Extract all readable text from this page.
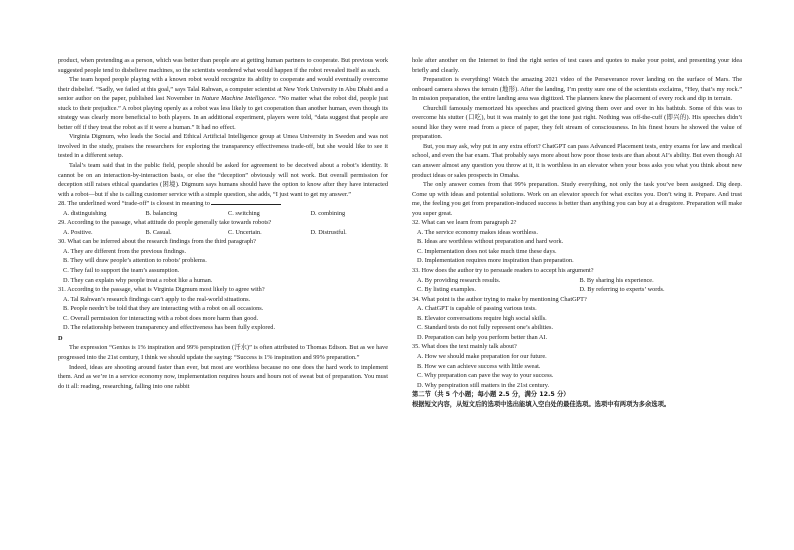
product, when pretending as a person, which was better than people are at getting human partners to cooperate. But previous work suggested people tend to disbelieve machines, so the scientists wondered what would happen if the robot revealed itself as such.

The team hoped people playing with a known robot would recognize its ability to cooperate and would eventually overcome their disbelief. “Sadly, we failed at this goal,” says Talal Rahwan, a computer scientist at New York University in Abu Dhabi and a senior author on the paper, published last November in Nature Machine Intelligence. “No matter what the robot did, people just stuck to their prejudice.” A robot playing openly as a robot was less likely to get cooperation than another human, even though its strategy was clearly more beneficial to both players. In an additional experiment, players were told, “data suggest that people are better off if they treat the robot as if it were a human.” It had no effect.

Virginia Digmum, who leads the Social and Ethical Artificial Intelligence group at Umea University in Sweden and was not involved in the study, praises the researchers for exploring the transparency effectiveness trade-off, but she would like to see it tested in a different setup.

Talal’s team said that in the public field, people should be asked for agreement to be deceived about a robot’s identity. It cannot be on an interaction-by-interaction basis, or else the “deception” obviously will not work. But overall permission for deception still raises ethical quandaries (困境). Digmum says humans should have the option to know after they have interacted with a robot—but if she is calling customer service with a simple question, she adds, “I just want to get my answer.”

28. The underlined word “trade-off” is closest in meaning to

A. distinguishing	B. balancing	C. switching	D. combining

29. According to the passage, what attitude do people generally take towards robots?

A. Positive.	B. Casual.	C. Uncertain.	D. Distrustful.

30. What can be inferred about the research findings from the third paragraph?

A. They are different from the previous findings.

B. They will draw people’s attention to robots’ problems.

C. They fail to support the team’s assumption.

D. They can explain why people treat a robot like a human.

31. According to the passage, what is Virginia Digmum most likely to agree with?

A. Tal Rahwan’s research findings can’t apply to the real-world situations.

B. People needn’t be told that they are interacting with a robot on all occasions.

C. Overall permission for interacting with a robot does more harm than good.

D. The relationship between transparency and effectiveness has been fully explored.

D

The expression “Genius is 1% inspiration and 99% perspiration (汗水)” is often attributed to Thomas Edison. But as we have progressed into the 21st century, I think we should update the saying: “Success is 1% inspiration and 99% preparation.”

Indeed, ideas are shooting around faster than ever, but most are worthless because no one does the hard work to implement them. And as we’re in a service economy now, implementation requires hours and hours not of sweat but of preparation. You must do it all: reading, researching, falling into one rabbit

hole after another on the Internet to find the right series of test cases and quotes to make your point, and presenting your idea briefly and clearly.

Preparation is everything! Watch the amazing 2021 video of the Perseverance rover landing on the surface of Mars. The onboard camera shows the terrain (地形). After the landing, I’m pretty sure one of the scientists exclaims, “Hey, that’s my rock.” In mission preparation, the entire landing area was digitized. The planners knew the placement of every rock and dip in terrain.

Churchill famously memorized his speeches and practiced giving them over and over in his bathtub. Some of this was to overcome his stutter (口吃), but it was mainly to get the tone just right. Nothing was off-the-cuff (即兴的). His speeches didn’t sound like they were read from a piece of paper, they felt stream of consciousness. In his finest hours he showed the value of preparation.

But, you may ask, why put in any extra effort? ChatGPT can pass Advanced Placement tests, entry exams for law and medical school, and even the bar exam. That probably says more about how poor those tests are than about AI’s ability. But even though AI can answer almost any question you throw at it, it is worthless in an elevator when your boss asks you what you think about new product ideas or sales prospects in Omaha.

The only answer comes from that 99% preparation. Study everything, not only the task you’ve been assigned. Dig deep. Come up with ideas and potential solutions. Work on an elevator speech for what excites you. Don’t wing it. Prepare. And trust me, the feeling you get from preparation-induced success is better than anything you can buy at a drugstore. Preparation will make you super great.

32. What can we learn from paragraph 2?

A. The service economy makes ideas worthless.

B. Ideas are worthless without preparation and hard work.

C. Implementation does not take much time these days.

D. Implementation requires more inspiration than preparation.

33. How does the author try to persuade readers to accept his argument?

A. By providing research results.	B. By sharing his experience.
C. By listing examples.	D. By referring to experts’ words.

34. What point is the author trying to make by mentioning ChatGPT?

A. ChatGPT is capable of passing various tests.

B. Elevator conversations require high social skills.

C. Standard tests do not fully represent one’s abilities.

D. Preparation can help you perform better than AI.

35. What does the text mainly talk about?

A. How we should make preparation for our future.

B. How we can achieve success with little sweat.

C. Why preparation can pave the way to your success.

D. Why perspiration still matters in the 21st century.

第二节（共 5 个小题；每小题 2.5 分，满分 12.5 分）

根据短文内容，从短文后的选项中选出能填入空白处的最佳选项。选项中有两项为多余选项。
